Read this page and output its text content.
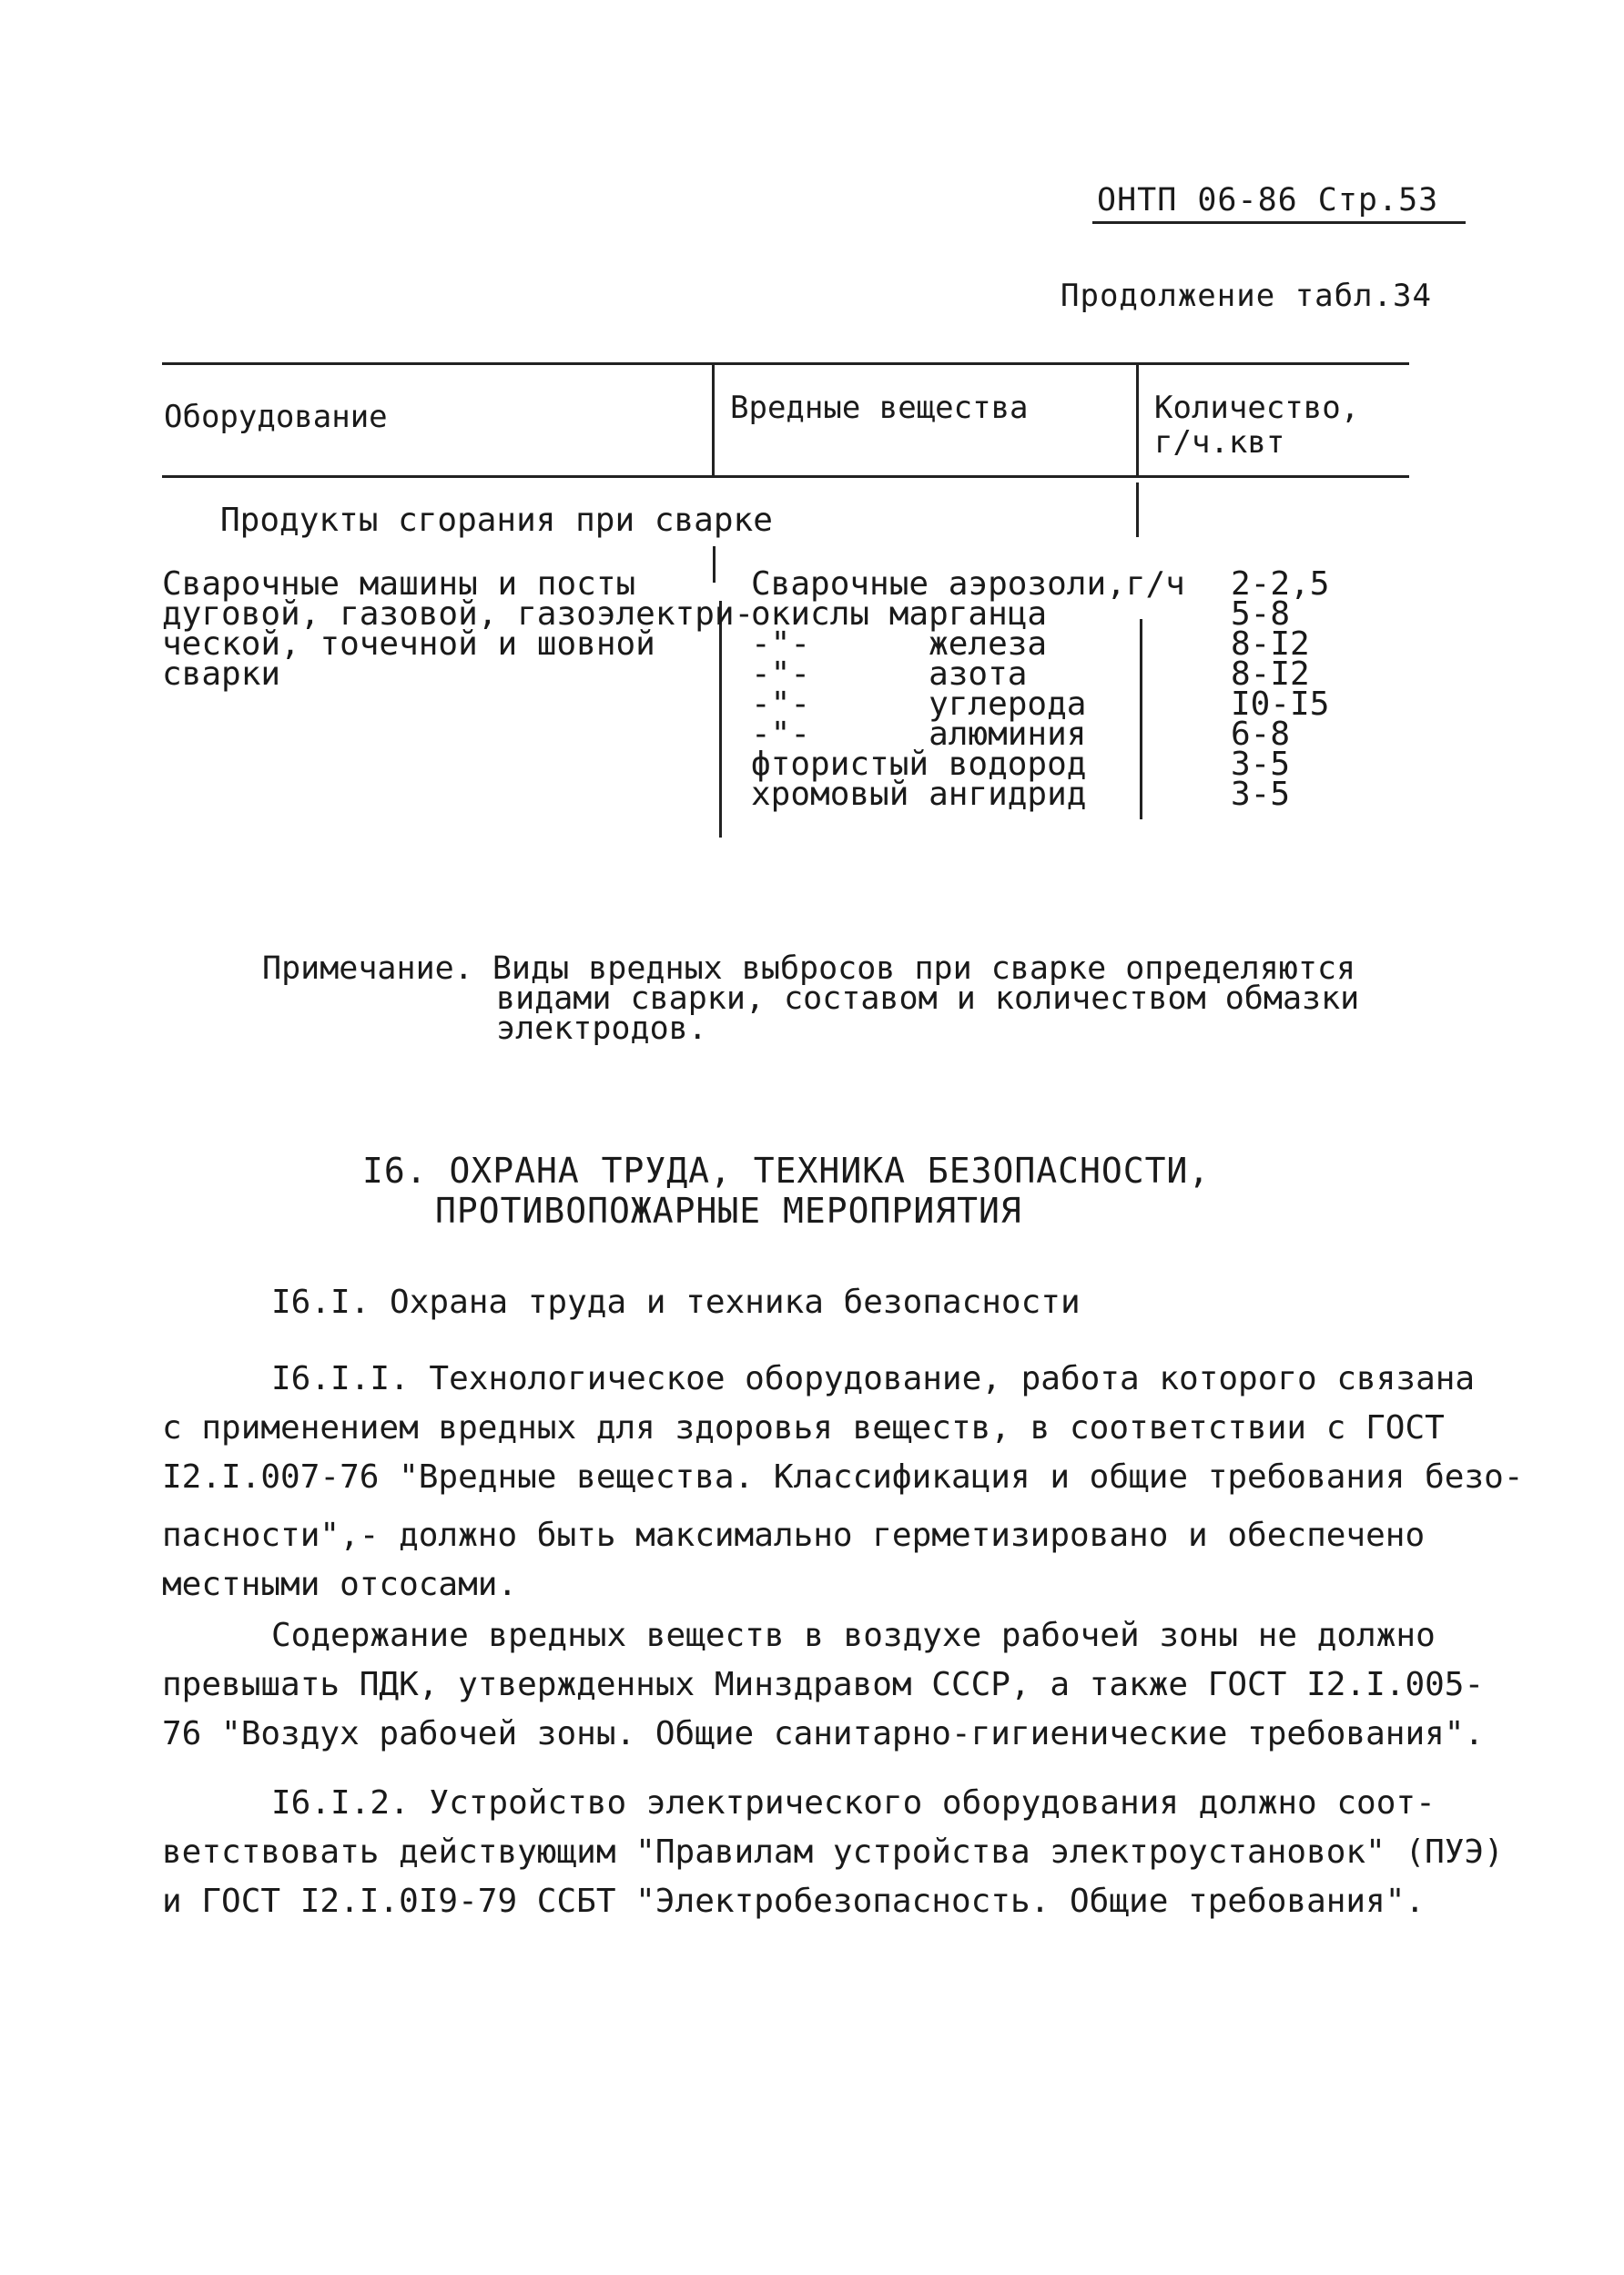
ОНТП 06-86 Стр.53
Продолжение табл.34
Оборудование	Вредные вещества	Количество,
г/ч.квт
Продукты сгорания при сварке
Сварочные машины и посты
дуговой, газовой, газоэлектри-
ческой, точечной и шовной
сварки
Сварочные аэрозоли,г/ч 2-2,5
окислы марганца	5-8
-"-      железа	8-I2
-"-      азота	8-I2
-"-      углерода	I0-I5
-"-      алюминия	6-8
фтористый водород	3-5
хромовый ангидрид	3-5
Примечание. Виды вредных выбросов при сварке определяются
видами сварки, составом и количеством обмазки
электродов.
I6. ОХРАНА ТРУДА, ТЕХНИКА БЕЗОПАСНОСТИ,
ПРОТИВОПОЖАРНЫЕ МЕРОПРИЯТИЯ
I6.I. Охрана труда и техника безопасности
I6.I.I. Технологическое оборудование, работа которого связана
с применением вредных для здоровья веществ, в соответствии с ГОСТ
I2.I.007-76 "Вредные вещества. Классификация и общие требования безо-
пасности",- должно быть максимально герметизировано и обеспечено
местными отсосами.
Содержание вредных веществ в воздухе рабочей зоны не должно
превышать ПДК, утвержденных Минздравом СССР, а также ГОСТ I2.I.005-
76 "Воздух рабочей зоны. Общие санитарно-гигиенические требования".
I6.I.2. Устройство электрического оборудования должно соот-
ветствовать действующим "Правилам устройства электроустановок" (ПУЭ)
и ГОСТ I2.I.0I9-79 ССБТ "Электробезопасность. Общие требования".
